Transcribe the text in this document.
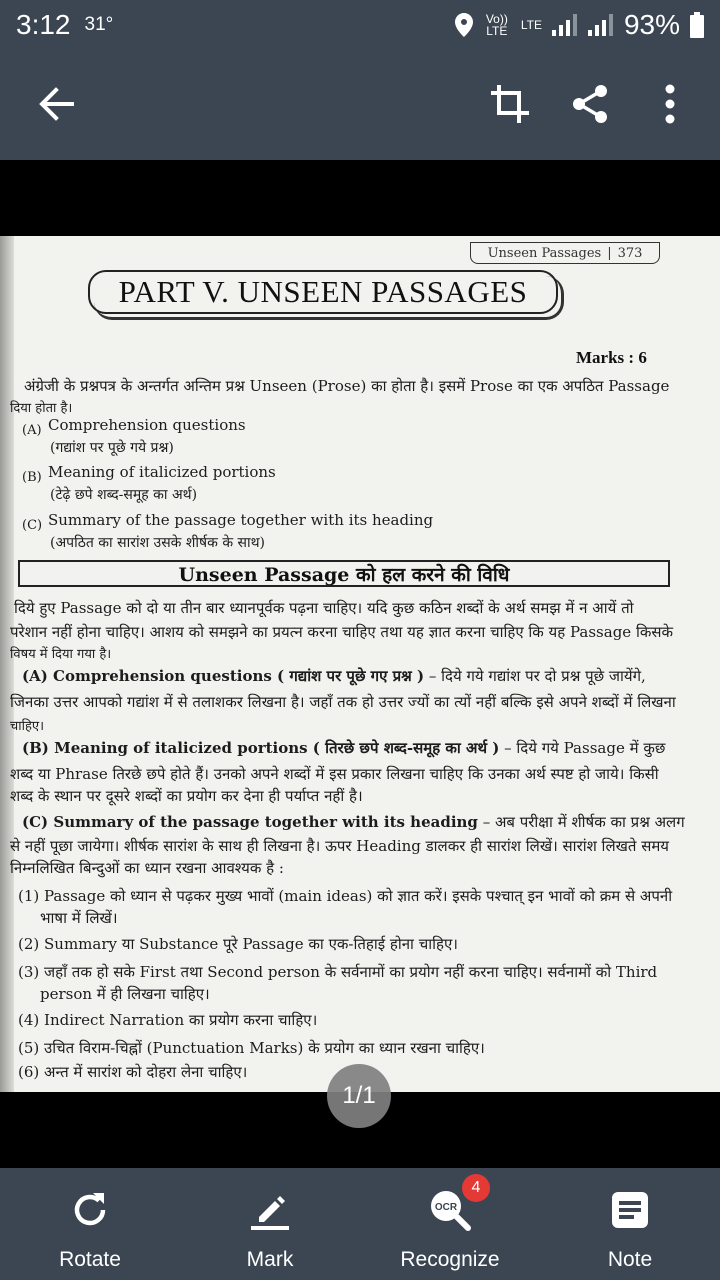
3:12 31°	Vo)) LTE LTE	93%
Unseen Passages | 373
PART V. UNSEEN PASSAGES
Marks : 6
अंग्रेजी के प्रश्नपत्र के अन्तर्गत अन्तिम प्रश्न Unseen (Prose) का होता है। इसमें Prose का एक अपठित Passage
दिया होता है।
(A) Comprehension questions
(गद्यांश पर पूछे गये प्रश्न)
(B) Meaning of italicized portions
(टेढ़े छपे शब्द-समूह का अर्थ)
(C) Summary of the passage together with its heading
(अपठित का सारांश उसके शीर्षक के साथ)
Unseen Passage को हल करने की विधि
दिये हुए Passage को दो या तीन बार ध्यानपूर्वक पढ़ना चाहिए। यदि कुछ कठिन शब्दों के अर्थ समझ में न आयें तो
परेशान नहीं होना चाहिए। आशय को समझने का प्रयत्न करना चाहिए तथा यह ज्ञात करना चाहिए कि यह Passage किसके
विषय में दिया गया है।
(A) Comprehension questions ( गद्यांश पर पूछे गए प्रश्न ) – दिये गये गद्यांश पर दो प्रश्न पूछे जायेंगे,
जिनका उत्तर आपको गद्यांश में से तलाशकर लिखना है। जहाँ तक हो उत्तर ज्यों का त्यों नहीं बल्कि इसे अपने शब्दों में लिखना
चाहिए।
(B) Meaning of italicized portions ( तिरछे छपे शब्द-समूह का अर्थ ) – दिये गये Passage में कुछ
शब्द या Phrase तिरछे छपे होते हैं। उनको अपने शब्दों में इस प्रकार लिखना चाहिए कि उनका अर्थ स्पष्ट हो जाये। किसी
शब्द के स्थान पर दूसरे शब्दों का प्रयोग कर देना ही पर्याप्त नहीं है।
(C) Summary of the passage together with its heading – अब परीक्षा में शीर्षक का प्रश्न अलग
से नहीं पूछा जायेगा। शीर्षक सारांश के साथ ही लिखना है। ऊपर Heading डालकर ही सारांश लिखें। सारांश लिखते समय
निम्नलिखित बिन्दुओं का ध्यान रखना आवश्यक है :
(1) Passage को ध्यान से पढ़कर मुख्य भावों (main ideas) को ज्ञात करें। इसके पश्चात् इन भावों को क्रम से अपनी
भाषा में लिखें।
(2) Summary या Substance पूरे Passage का एक-तिहाई होना चाहिए।
(3) जहाँ तक हो सके First तथा Second person के सर्वनामों का प्रयोग नहीं करना चाहिए। सर्वनामों को Third
person में ही लिखना चाहिए।
(4) Indirect Narration का प्रयोग करना चाहिए।
(5) उचित विराम-चिह्नों (Punctuation Marks) के प्रयोग का ध्यान रखना चाहिए।
(6) अन्त में सारांश को दोहरा लेना चाहिए।
1/1
Rotate	Mark
OCR
4
Recognize	Note
